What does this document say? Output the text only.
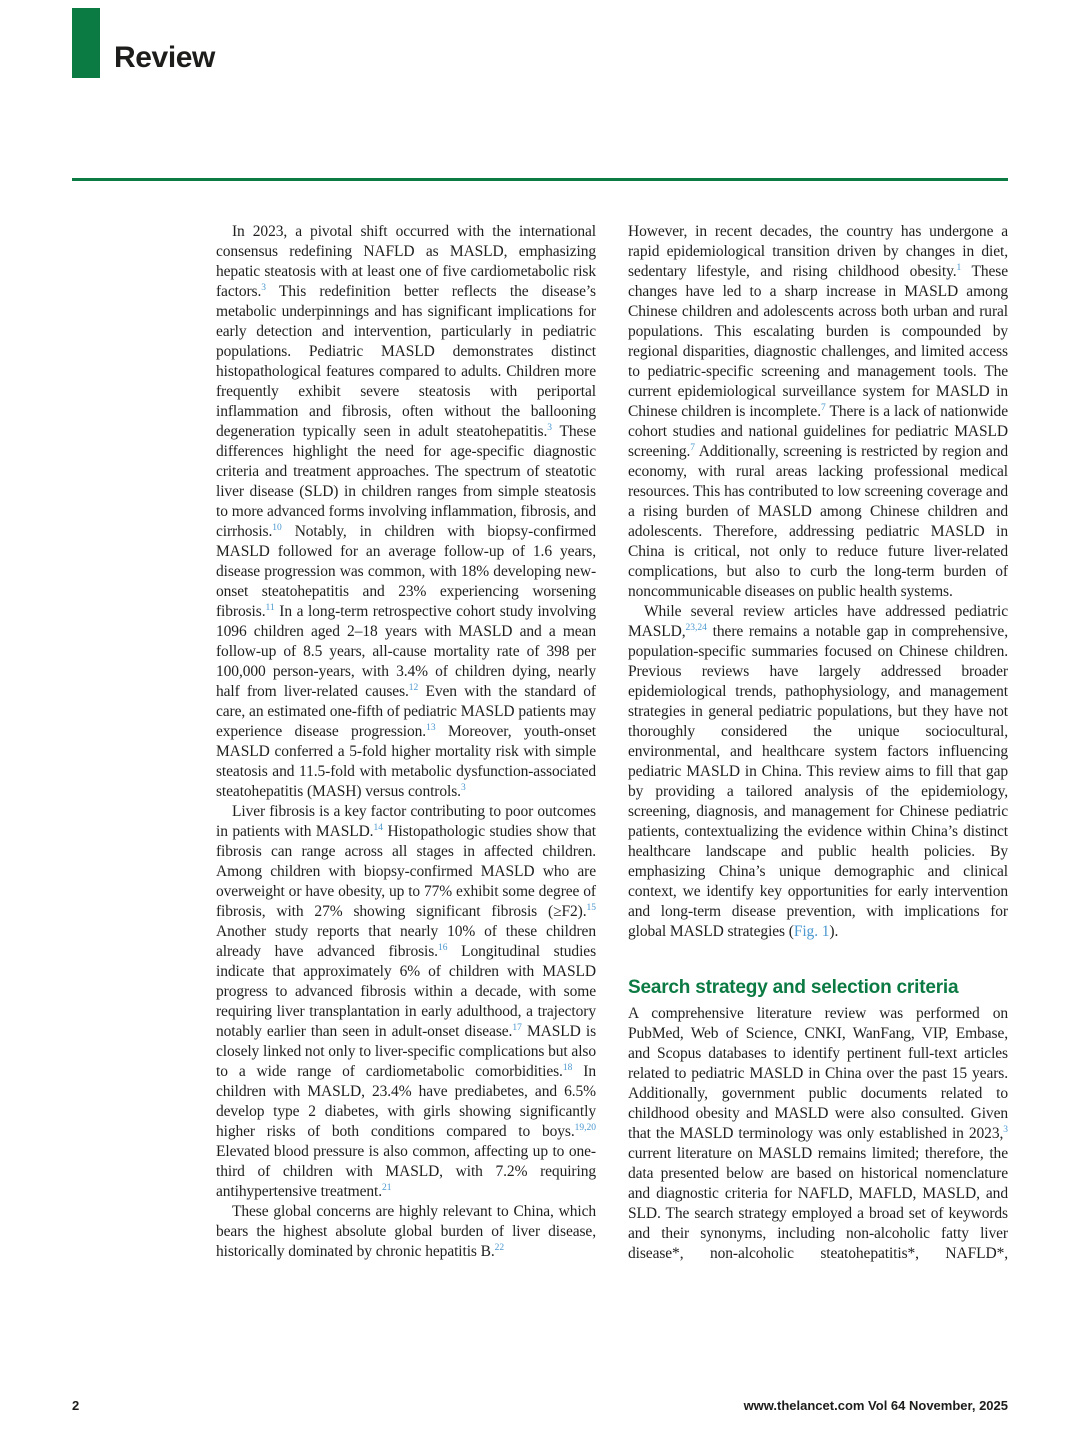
Review

In 2023, a pivotal shift occurred with the international consensus redefining NAFLD as MASLD, emphasizing hepatic steatosis with at least one of five cardiometabolic risk factors.$^3$ This redefinition better reflects the disease’s metabolic underpinnings and has significant implications for early detection and intervention, particularly in pediatric populations. Pediatric MASLD demonstrates distinct histopathological features compared to adults. Children more frequently exhibit severe steatosis with periportal inflammation and fibrosis, often without the ballooning degeneration typically seen in adult steatohepatitis.$^3$ These differences highlight the need for age-specific diagnostic criteria and treatment approaches. The spectrum of steatotic liver disease (SLD) in children ranges from simple steatosis to more advanced forms involving inflammation, fibrosis, and cirrhosis.$^{10}$ Notably, in children with biopsy-confirmed MASLD followed for an average follow-up of 1.6 years, disease progression was common, with 18% developing new-onset steatohepatitis and 23% experiencing worsening fibrosis.$^{11}$ In a long-term retrospective cohort study involving 1096 children aged 2–18 years with MASLD and a mean follow-up of 8.5 years, all-cause mortality rate of 398 per 100,000 person-years, with 3.4% of children dying, nearly half from liver-related causes.$^{12}$ Even with the standard of care, an estimated one-fifth of pediatric MASLD patients may experience disease progression.$^{13}$ Moreover, youth-onset MASLD conferred a 5-fold higher mortality risk with simple steatosis and 11.5-fold with metabolic dysfunction-associated steatohepatitis (MASH) versus controls.$^3$

Liver fibrosis is a key factor contributing to poor outcomes in patients with MASLD.$^{14}$ Histopathologic studies show that fibrosis can range across all stages in affected children. Among children with biopsy-confirmed MASLD who are overweight or have obesity, up to 77% exhibit some degree of fibrosis, with 27% showing significant fibrosis (≥F2).$^{15}$ Another study reports that nearly 10% of these children already have advanced fibrosis.$^{16}$ Longitudinal studies indicate that approximately 6% of children with MASLD progress to advanced fibrosis within a decade, with some requiring liver transplantation in early adulthood, a trajectory notably earlier than seen in adult-onset disease.$^{17}$ MASLD is closely linked not only to liver-specific complications but also to a wide range of cardiometabolic comorbidities.$^{18}$ In children with MASLD, 23.4% have prediabetes, and 6.5% develop type 2 diabetes, with girls showing significantly higher risks of both conditions compared to boys.$^{19,20}$ Elevated blood pressure is also common, affecting up to one-third of children with MASLD, with 7.2% requiring antihypertensive treatment.$^{21}$

These global concerns are highly relevant to China, which bears the highest absolute global burden of liver disease, historically dominated by chronic hepatitis B.$^{22}$

However, in recent decades, the country has undergone a rapid epidemiological transition driven by changes in diet, sedentary lifestyle, and rising childhood obesity.$^1$ These changes have led to a sharp increase in MASLD among Chinese children and adolescents across both urban and rural populations. This escalating burden is compounded by regional disparities, diagnostic challenges, and limited access to pediatric-specific screening and management tools. The current epidemiological surveillance system for MASLD in Chinese children is incomplete.$^7$ There is a lack of nationwide cohort studies and national guidelines for pediatric MASLD screening.$^7$ Additionally, screening is restricted by region and economy, with rural areas lacking professional medical resources. This has contributed to low screening coverage and a rising burden of MASLD among Chinese children and adolescents. Therefore, addressing pediatric MASLD in China is critical, not only to reduce future liver-related complications, but also to curb the long-term burden of noncommunicable diseases on public health systems.

While several review articles have addressed pediatric MASLD,$^{23,24}$ there remains a notable gap in comprehensive, population-specific summaries focused on Chinese children. Previous reviews have largely addressed broader epidemiological trends, pathophysiology, and management strategies in general pediatric populations, but they have not thoroughly considered the unique sociocultural, environmental, and healthcare system factors influencing pediatric MASLD in China. This review aims to fill that gap by providing a tailored analysis of the epidemiology, screening, diagnosis, and management for Chinese pediatric patients, contextualizing the evidence within China’s distinct healthcare landscape and public health policies. By emphasizing China’s unique demographic and clinical context, we identify key opportunities for early intervention and long-term disease prevention, with implications for global MASLD strategies (Fig. 1).

Search strategy and selection criteria

A comprehensive literature review was performed on PubMed, Web of Science, CNKI, WanFang, VIP, Embase, and Scopus databases to identify pertinent full-text articles related to pediatric MASLD in China over the past 15 years. Additionally, government public documents related to childhood obesity and MASLD were also consulted. Given that the MASLD terminology was only established in 2023,$^3$ current literature on MASLD remains limited; therefore, the data presented below are based on historical nomenclature and diagnostic criteria for NAFLD, MAFLD, MASLD, and SLD. The search strategy employed a broad set of keywords and their synonyms, including non-alcoholic fatty liver disease*, non-alcoholic steatohepatitis*, NAFLD*,

2	www.thelancet.com Vol 64 November, 2025
